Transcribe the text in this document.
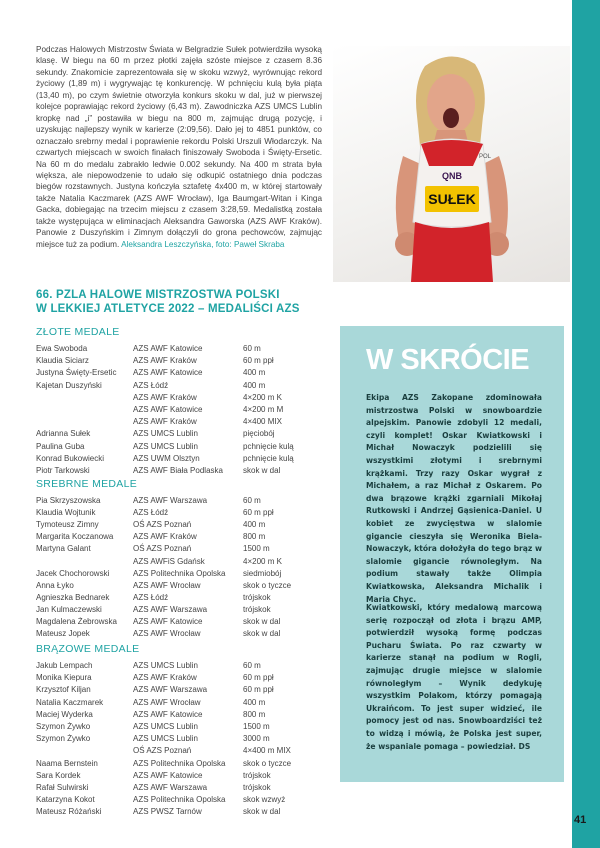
Podczas Halowych Mistrzostw Świata w Belgradzie Sułek potwierdziła wysoką klasę. W biegu na 60 m przez płotki zajęła szóste miejsce z czasem 8.36 sekundy. Znakomicie zaprezentowała się w skoku wzwyż, wyrównując rekord życiowy (1,89 m) i wygrywając tę konkurencję. W pchnięciu kulą była piąta (13,40 m), po czym świetnie otworzyła konkurs skoku w dal, już w pierwszej kolejce poprawiając rekord życiowy (6,43 m). Zawodniczka AZS UMCS Lublin kropkę nad „i” postawiła w biegu na 800 m, zajmując drugą pozycję, i uzyskując najlepszy wynik w karierze (2:09,56). Dało jej to 4851 punktów, co oznaczało srebrny medal i poprawienie rekordu Polski Urszuli Włodarczyk. Na czwartych miejscach w swoich finałach finiszowały Swoboda i Święty-Ersetic. Na 60 m do medalu zabrakło ledwie 0.002 sekundy. Na 400 m strata była większa, ale niepowodzenie to udało się odkupić ostatniego dnia podczas biegów rozstawnych. Justyna kończyła sztafetę 4x400 m, w której startowały także Natalia Kaczmarek (AZS AWF Wrocław), Iga Baumgart-Witan i Kinga Gacka, dobiegając na trzecim miejscu z czasem 3:28,59. Medalistką została także występująca w eliminacjach Aleksandra Gaworska (AZS AWF Kraków). Panowie z Duszyńskim i Zimnym dołączyli do grona pechowców, zajmując miejsce tuż za podium. Aleksandra Leszczyńska, foto: Paweł Skraba
SUŁEK
QNB
POL
66. PZLA HALOWE MISTRZOSTWA POLSKI
W LEKKIEJ ATLETYCE 2022 – MEDALIŚCI AZS
ZŁOTE MEDALE
Ewa Swoboda	AZS AWF Katowice	60 m
Klaudia Siciarz	AZS AWF Kraków	60 m ppł
Justyna Święty-Ersetic AZS AWF Katowice	400 m
Kajetan Duszyński	AZS Łódź	400 m
AZS AWF Kraków	4×200 m K
AZS AWF Katowice	4×200 m M
AZS AWF Kraków	4×400 MIX
Adrianna Sułek	AZS UMCS Lublin	pięciobój
Paulina Guba	AZS UMCS Lublin	pchnięcie kulą
Konrad Bukowiecki	AZS UWM Olsztyn	pchnięcie kulą
Piotr Tarkowski	AZS AWF Biała Podlaska	skok w dal
SREBRNE MEDALE
Pia Skrzyszowska	AZS AWF Warszawa	60 m
Klaudia Wojtunik	AZS Łódź	60 m ppł
Tymoteusz Zimny	OŚ AZS Poznań	400 m
Margarita Koczanowa AZS AWF Kraków	800 m
Martyna Galant	OŚ AZS Poznań	1500 m
AZS AWFiS Gdańsk	4×200 m K
Jacek Chochorowski	AZS Politechnika Opolska siedmiobój
Anna Łyko	AZS AWF Wrocław	skok o tyczce
Agnieszka Bednarek	AZS Łódź	trójskok
Jan Kulmaczewski	AZS AWF Warszawa	trójskok
Magdalena Żebrowska AZS AWF Katowice	skok w dal
Mateusz Jopek	AZS AWF Wrocław	skok w dal
BRĄZOWE MEDALE
Jakub Lempach	AZS UMCS Lublin	60 m
Monika Kiepura	AZS AWF Kraków	60 m ppł
Krzysztof Kiljan	AZS AWF Warszawa	60 m ppł
Natalia Kaczmarek	AZS AWF Wrocław	400 m
Maciej Wyderka	AZS AWF Katowice	800 m
Szymon Żywko	AZS UMCS Lublin	1500 m
Szymon Żywko	AZS UMCS Lublin	3000 m
OŚ AZS Poznań	4×400 m MIX
Naama Bernstein	AZS Politechnika Opolska skok o tyczce
Sara Kordek	AZS AWF Katowice	trójskok
Rafał Sulwirski	AZS AWF Warszawa	trójskok
Katarzyna Kokot	AZS Politechnika Opolska skok wzwyż
Mateusz Różański	AZS PWSZ Tarnów	skok w dal
W SKRÓCIE
Ekipa AZS Zakopane zdominowała mistrzostwa Polski w snowboardzie alpejskim. Panowie zdobyli 12 medali, czyli komplet! Oskar Kwiatkowski i Michał Nowaczyk podzielili się wszystkimi złotymi i srebrnymi krążkami. Trzy razy Oskar wygrał z Michałem, a raz Michał z Oskarem. Po dwa brązowe krążki zgarniali Mikołaj Rutkowski i Andrzej Gąsienica-Daniel. U kobiet ze zwycięstwa w slalomie gigancie cieszyła się Weronika Biela-Nowaczyk, która dołożyła do tego brąz w slalomie gigancie równoległym. Na podium stawały także Olimpia Kwiatkowska, Aleksandra Michalik i Maria Chyc.
Kwiatkowski, który medalową marcową serię rozpoczął od złota i brązu AMP, potwierdził wysoką formę podczas Pucharu Świata. Po raz czwarty w karierze stanął na podium w Rogli, zajmując drugie miejsce w slalomie równoległym – Wynik dedykuję wszystkim Polakom, którzy pomagają Ukraińcom. To jest super widzieć, ile pomocy jest od nas. Snowboardziści też to widzą i mówią, że Polska jest super, że wspaniale pomaga – powiedział. DS
41
